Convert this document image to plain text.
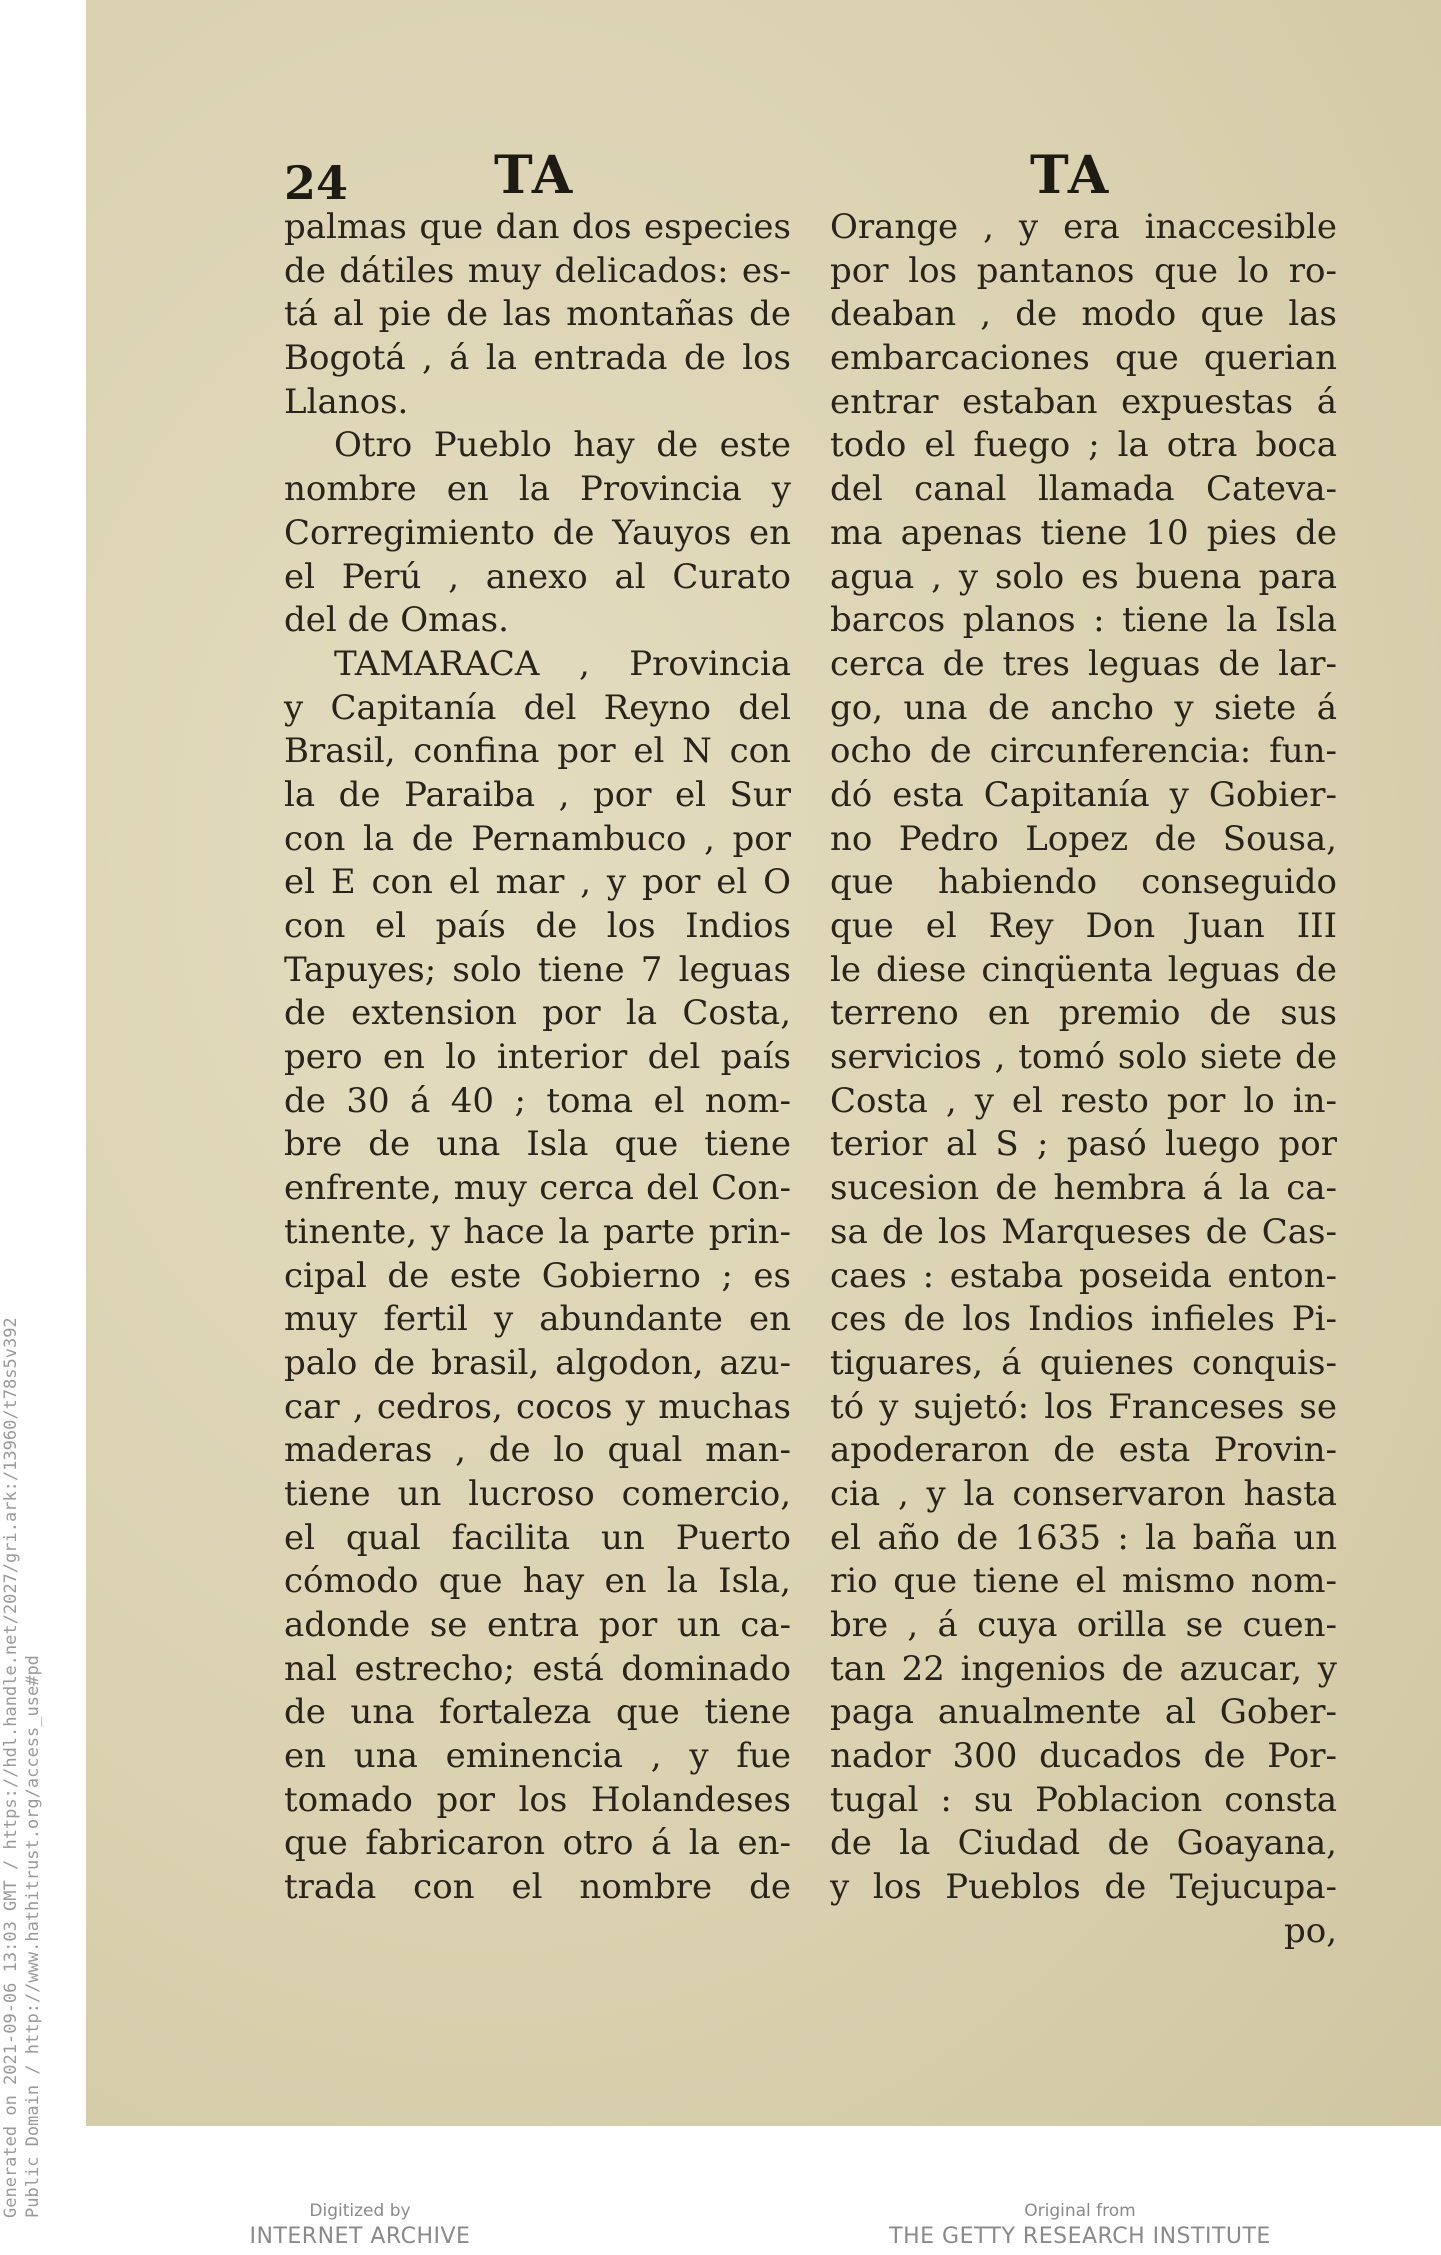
Generated on 2021-09-06 13:03 GMT / https://hdl.handle.net/2027/gri.ark:/13960/t78s5v392 Public Domain / http://www.hathitrust.org/access_use#pd
24	TA	TA
palmas que dan dos especies
de dátiles muy delicados: es-
tá al pie de las montañas de
Bogotá , á la entrada de los
Llanos.
Otro Pueblo hay de este
nombre en la Provincia y
Corregimiento de Yauyos en
el Perú , anexo al Curato
del de Omas.
TAMARACA , Provincia
y Capitanía del Reyno del
Brasil, confina por el N con
la de Paraiba , por el Sur
con la de Pernambuco , por
el E con el mar , y por el O
con el país de los Indios
Tapuyes; solo tiene 7 leguas
de extension por la Costa,
pero en lo interior del país
de 30 á 40 ; toma el nom-
bre de una Isla que tiene
enfrente, muy cerca del Con-
tinente, y hace la parte prin-
cipal de este Gobierno ; es
muy fertil y abundante en
palo de brasil, algodon, azu-
car , cedros, cocos y muchas
maderas , de lo qual man-
tiene un lucroso comercio,
el qual facilita un Puerto
cómodo que hay en la Isla,
adonde se entra por un ca-
nal estrecho; está dominado
de una fortaleza que tiene
en una eminencia , y fue
tomado por los Holandeses
que fabricaron otro á la en-
trada con el nombre de
Orange , y era inaccesible
por los pantanos que lo ro-
deaban , de modo que las
embarcaciones que querian
entrar estaban expuestas á
todo el fuego ; la otra boca
del canal llamada Cateva-
ma apenas tiene 10 pies de
agua , y solo es buena para
barcos planos : tiene la Isla
cerca de tres leguas de lar-
go, una de ancho y siete á
ocho de circunferencia: fun-
dó esta Capitanía y Gobier-
no Pedro Lopez de Sousa,
que habiendo conseguido
que el Rey Don Juan III
le diese cinqüenta leguas de
terreno en premio de sus
servicios , tomó solo siete de
Costa , y el resto por lo in-
terior al S ; pasó luego por
sucesion de hembra á la ca-
sa de los Marqueses de Cas-
caes : estaba poseida enton-
ces de los Indios infieles Pi-
tiguares, á quienes conquis-
tó y sujetó: los Franceses se
apoderaron de esta Provin-
cia , y la conservaron hasta
el año de 1635 : la baña un
rio que tiene el mismo nom-
bre , á cuya orilla se cuen-
tan 22 ingenios de azucar, y
paga anualmente al Gober-
nador 300 ducados de Por-
tugal : su Poblacion consta
de la Ciudad de Goayana,
y los Pueblos de Tejucupa-
po,
Digitized by
INTERNET ARCHIVE
Original from
THE GETTY RESEARCH INSTITUTE
